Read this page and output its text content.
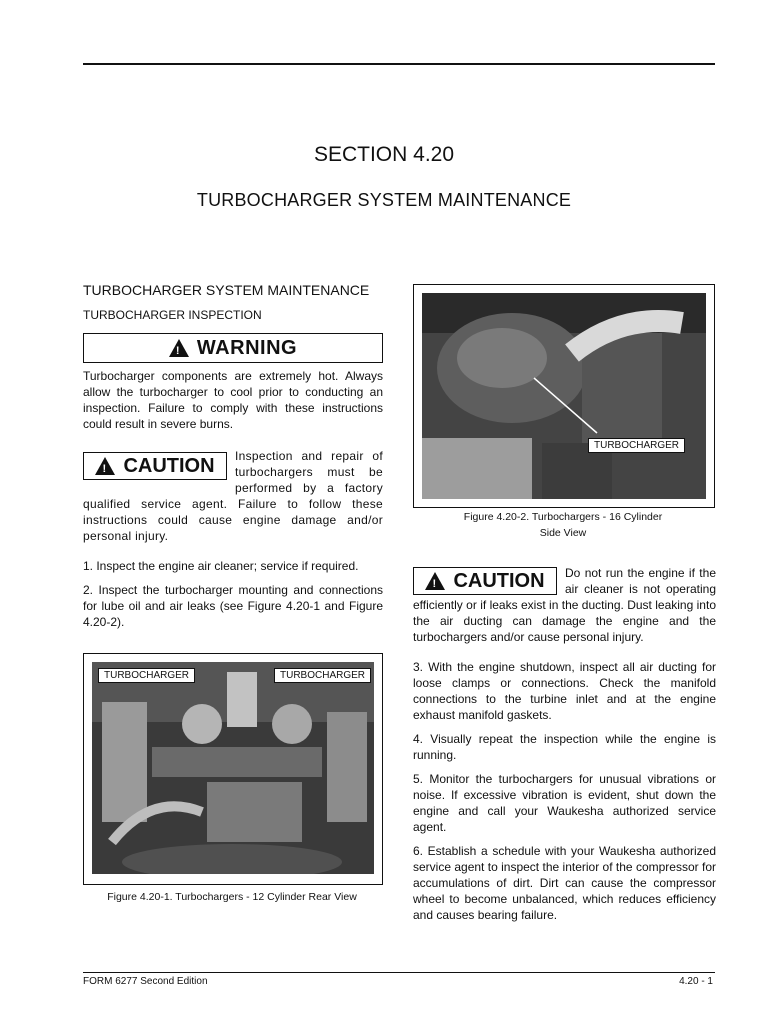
SECTION 4.20
TURBOCHARGER SYSTEM MAINTENANCE
TURBOCHARGER SYSTEM MAINTENANCE
TURBOCHARGER INSPECTION
! WARNING

Turbocharger components are extremely hot. Always allow the turbocharger to cool prior to conducting an inspection. Failure to comply with these instructions could result in severe burns.

! CAUTION	Inspection and repair of turbochargers must be performed by a factory qualified service agent. Failure to follow these instructions could cause engine damage and/or personal injury.

1. Inspect the engine air cleaner; service if required.

2. Inspect the turbocharger mounting and connections for lube oil and air leaks (see Figure 4.20-1 and Figure 4.20-2).

TURBOCHARGER	TURBOCHARGER
Figure 4.20-1. Turbochargers - 12 Cylinder Rear View
TURBOCHARGER
Figure 4.20-2. Turbochargers - 16 Cylinder
Side View
! CAUTION	Do not run the engine if the air cleaner is not operating efficiently or if leaks exist in the ducting. Dust leaking into the air ducting can damage the engine and the turbochargers and/or cause personal injury.

3. With the engine shutdown, inspect all air ducting for loose clamps or connections. Check the manifold connections to the turbine inlet and at the engine exhaust manifold gaskets.

4. Visually repeat the inspection while the engine is running.

5. Monitor the turbochargers for unusual vibrations or noise. If excessive vibration is evident, shut down the engine and call your Waukesha authorized service agent.

6. Establish a schedule with your Waukesha authorized service agent to inspect the interior of the compressor for accumulations of dirt. Dirt can cause the compressor wheel to become unbalanced, which reduces efficiency and causes bearing failure.

FORM 6277 Second Edition	4.20 - 1
